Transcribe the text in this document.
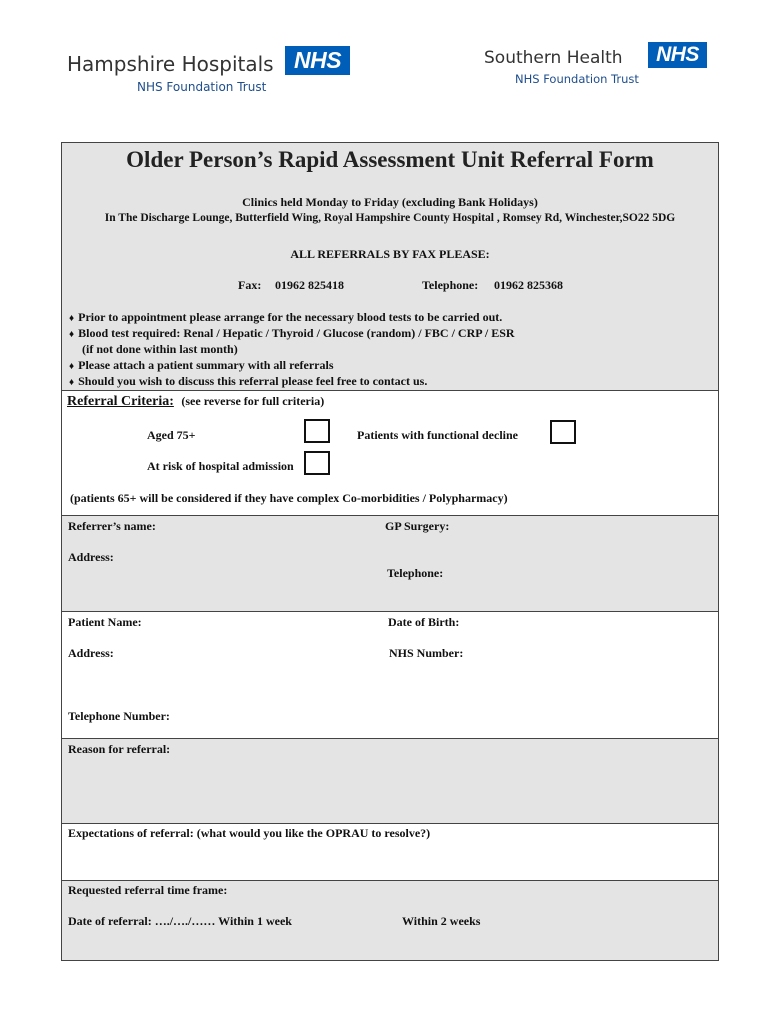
Hampshire Hospitals NHS
NHS Foundation Trust
Southern Health	NHS
NHS Foundation Trust
Older Person’s Rapid Assessment Unit Referral Form
Clinics held Monday to Friday (excluding Bank Holidays)
In The Discharge Lounge, Butterfield Wing, Royal Hampshire County Hospital , Romsey Rd, Winchester,SO22 5DG
ALL REFERRALS BY FAX PLEASE:
Fax: 01962 825418	Telephone: 01962 825368
♦ Prior to appointment please arrange for the necessary blood tests to be carried out.
♦ Blood test required: Renal / Hepatic / Thyroid / Glucose (random) / FBC / CRP / ESR
(if not done within last month)
♦ Please attach a patient summary with all referrals
♦ Should you wish to discuss this referral please feel free to contact us.
Referral Criteria: (see reverse for full criteria)
Aged 75+	Patients with functional decline
At risk of hospital admission
(patients 65+ will be considered if they have complex Co-morbidities / Polypharmacy)
Referrer’s name:	GP Surgery:
Address:
Telephone:
Patient Name:	Date of Birth:
Address:	NHS Number:
Telephone Number:
Reason for referral:
Expectations of referral: (what would you like the OPRAU to resolve?)
Requested referral time frame:
Date of referral: …./…./…… Within 1 week	Within 2 weeks
